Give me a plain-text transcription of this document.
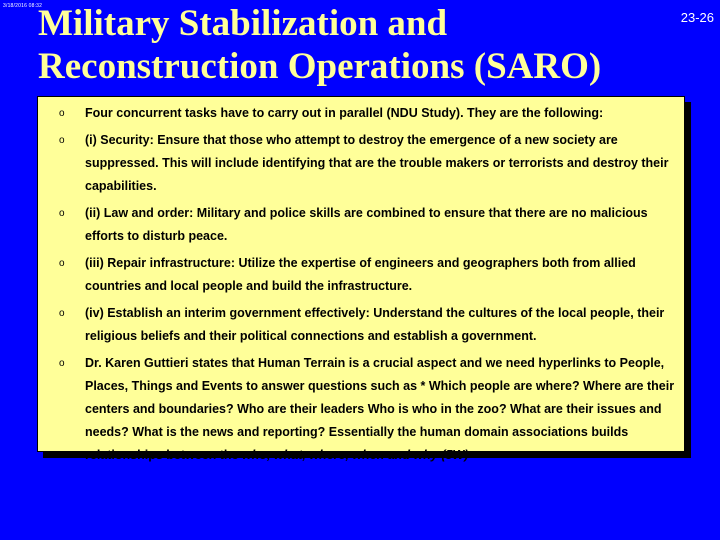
3/18/2016 08:32
23-26
Military Stabilization and
Reconstruction Operations (SARO)
o Four concurrent tasks have to carry out in parallel (NDU Study). They are the following:
o (i) Security: Ensure that those who attempt to destroy the emergence of a new society are suppressed. This will include identifying that are the trouble makers or terrorists and destroy their capabilities.
o (ii) Law and order: Military and police skills are combined to ensure that there are no malicious efforts to disturb peace.
o (iii) Repair infrastructure: Utilize the expertise of engineers and geographers both from allied countries and local people and build the infrastructure.
o (iv) Establish an interim government effectively: Understand the cultures of the local people, their religious beliefs and their political connections and establish a government.
o Dr. Karen Guttieri states that Human Terrain is a crucial aspect and we need hyperlinks to People, Places, Things and Events to answer questions such as * Which people are where? Where are their centers and boundaries? Who are their leaders Who is who in the zoo? What are their issues and needs? What is the news and reporting? Essentially the human domain associations builds relationships between the who, what, where, when and why (5W)
